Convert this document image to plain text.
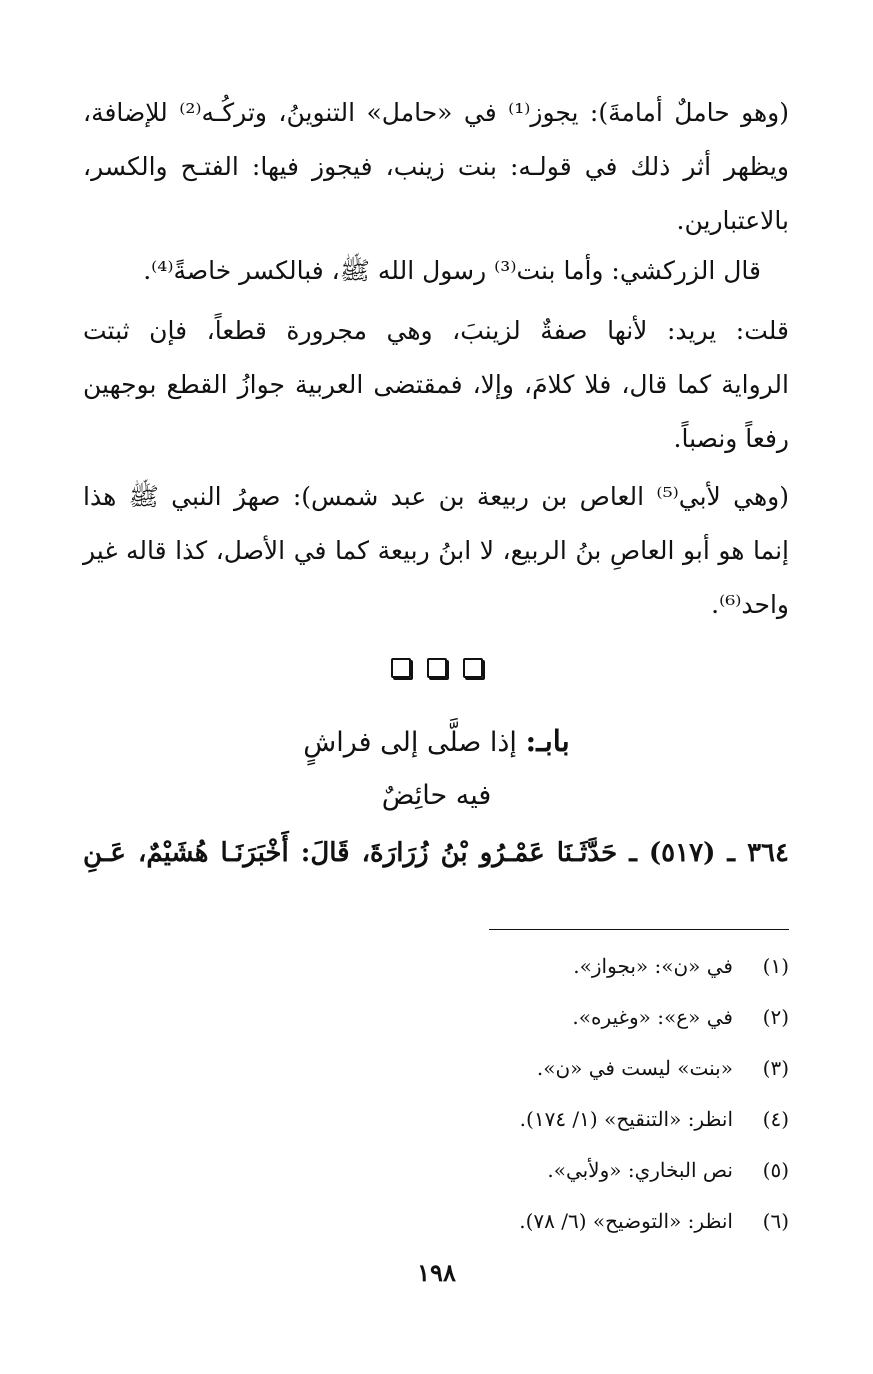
(وهو حاملٌ أمامةَ): يجوز⁽¹⁾ في «حامل» التنوينُ، وتركُـه⁽²⁾ للإضافة،
ويظهر أثر ذلك في قولـه: بنت زينب، فيجوز فيها: الفتـح والكسر،
بالاعتبارين.
قال الزركشي: وأما بنت⁽³⁾ رسول الله ﷺ، فبالكسر خاصةً⁽⁴⁾.
قلت: يريد: لأنها صفةٌ لزينبَ، وهي مجرورة قطعاً، فإن ثبتت
الرواية كما قال، فلا كلامَ، وإلا، فمقتضى العربية جوازُ القطع بوجهين
رفعاً ونصباً.
(وهي لأبي⁽⁵⁾ العاص بن ربيعة بن عبد شمس): صهرُ النبي ﷺ هذا
إنما هو أبو العاصِ بنُ الربيع، لا ابنُ ربيعة كما في الأصل، كذا قاله غير
واحد⁽⁶⁾.
بابـ: إذا صلَّى إلى فراشٍ
فيه حائِضٌ
٣٦٤ ـ (٥١٧) ـ حَدَّثَـنَا عَمْـرُو بْنُ زُرَارَةَ، قَالَ: أَخْبَرَنَـا هُشَيْمٌ، عَـنِ
(١)
في «ن»: «بجواز».
(٢)
في «ع»: «وغيره».
(٣)
«بنت» ليست في «ن».
(٤)
انظر: «التنقيح» (١/ ١٧٤).
(٥)
نص البخاري: «ولأبي».
(٦)
انظر: «التوضيح» (٦/ ٧٨).
١٩٨
